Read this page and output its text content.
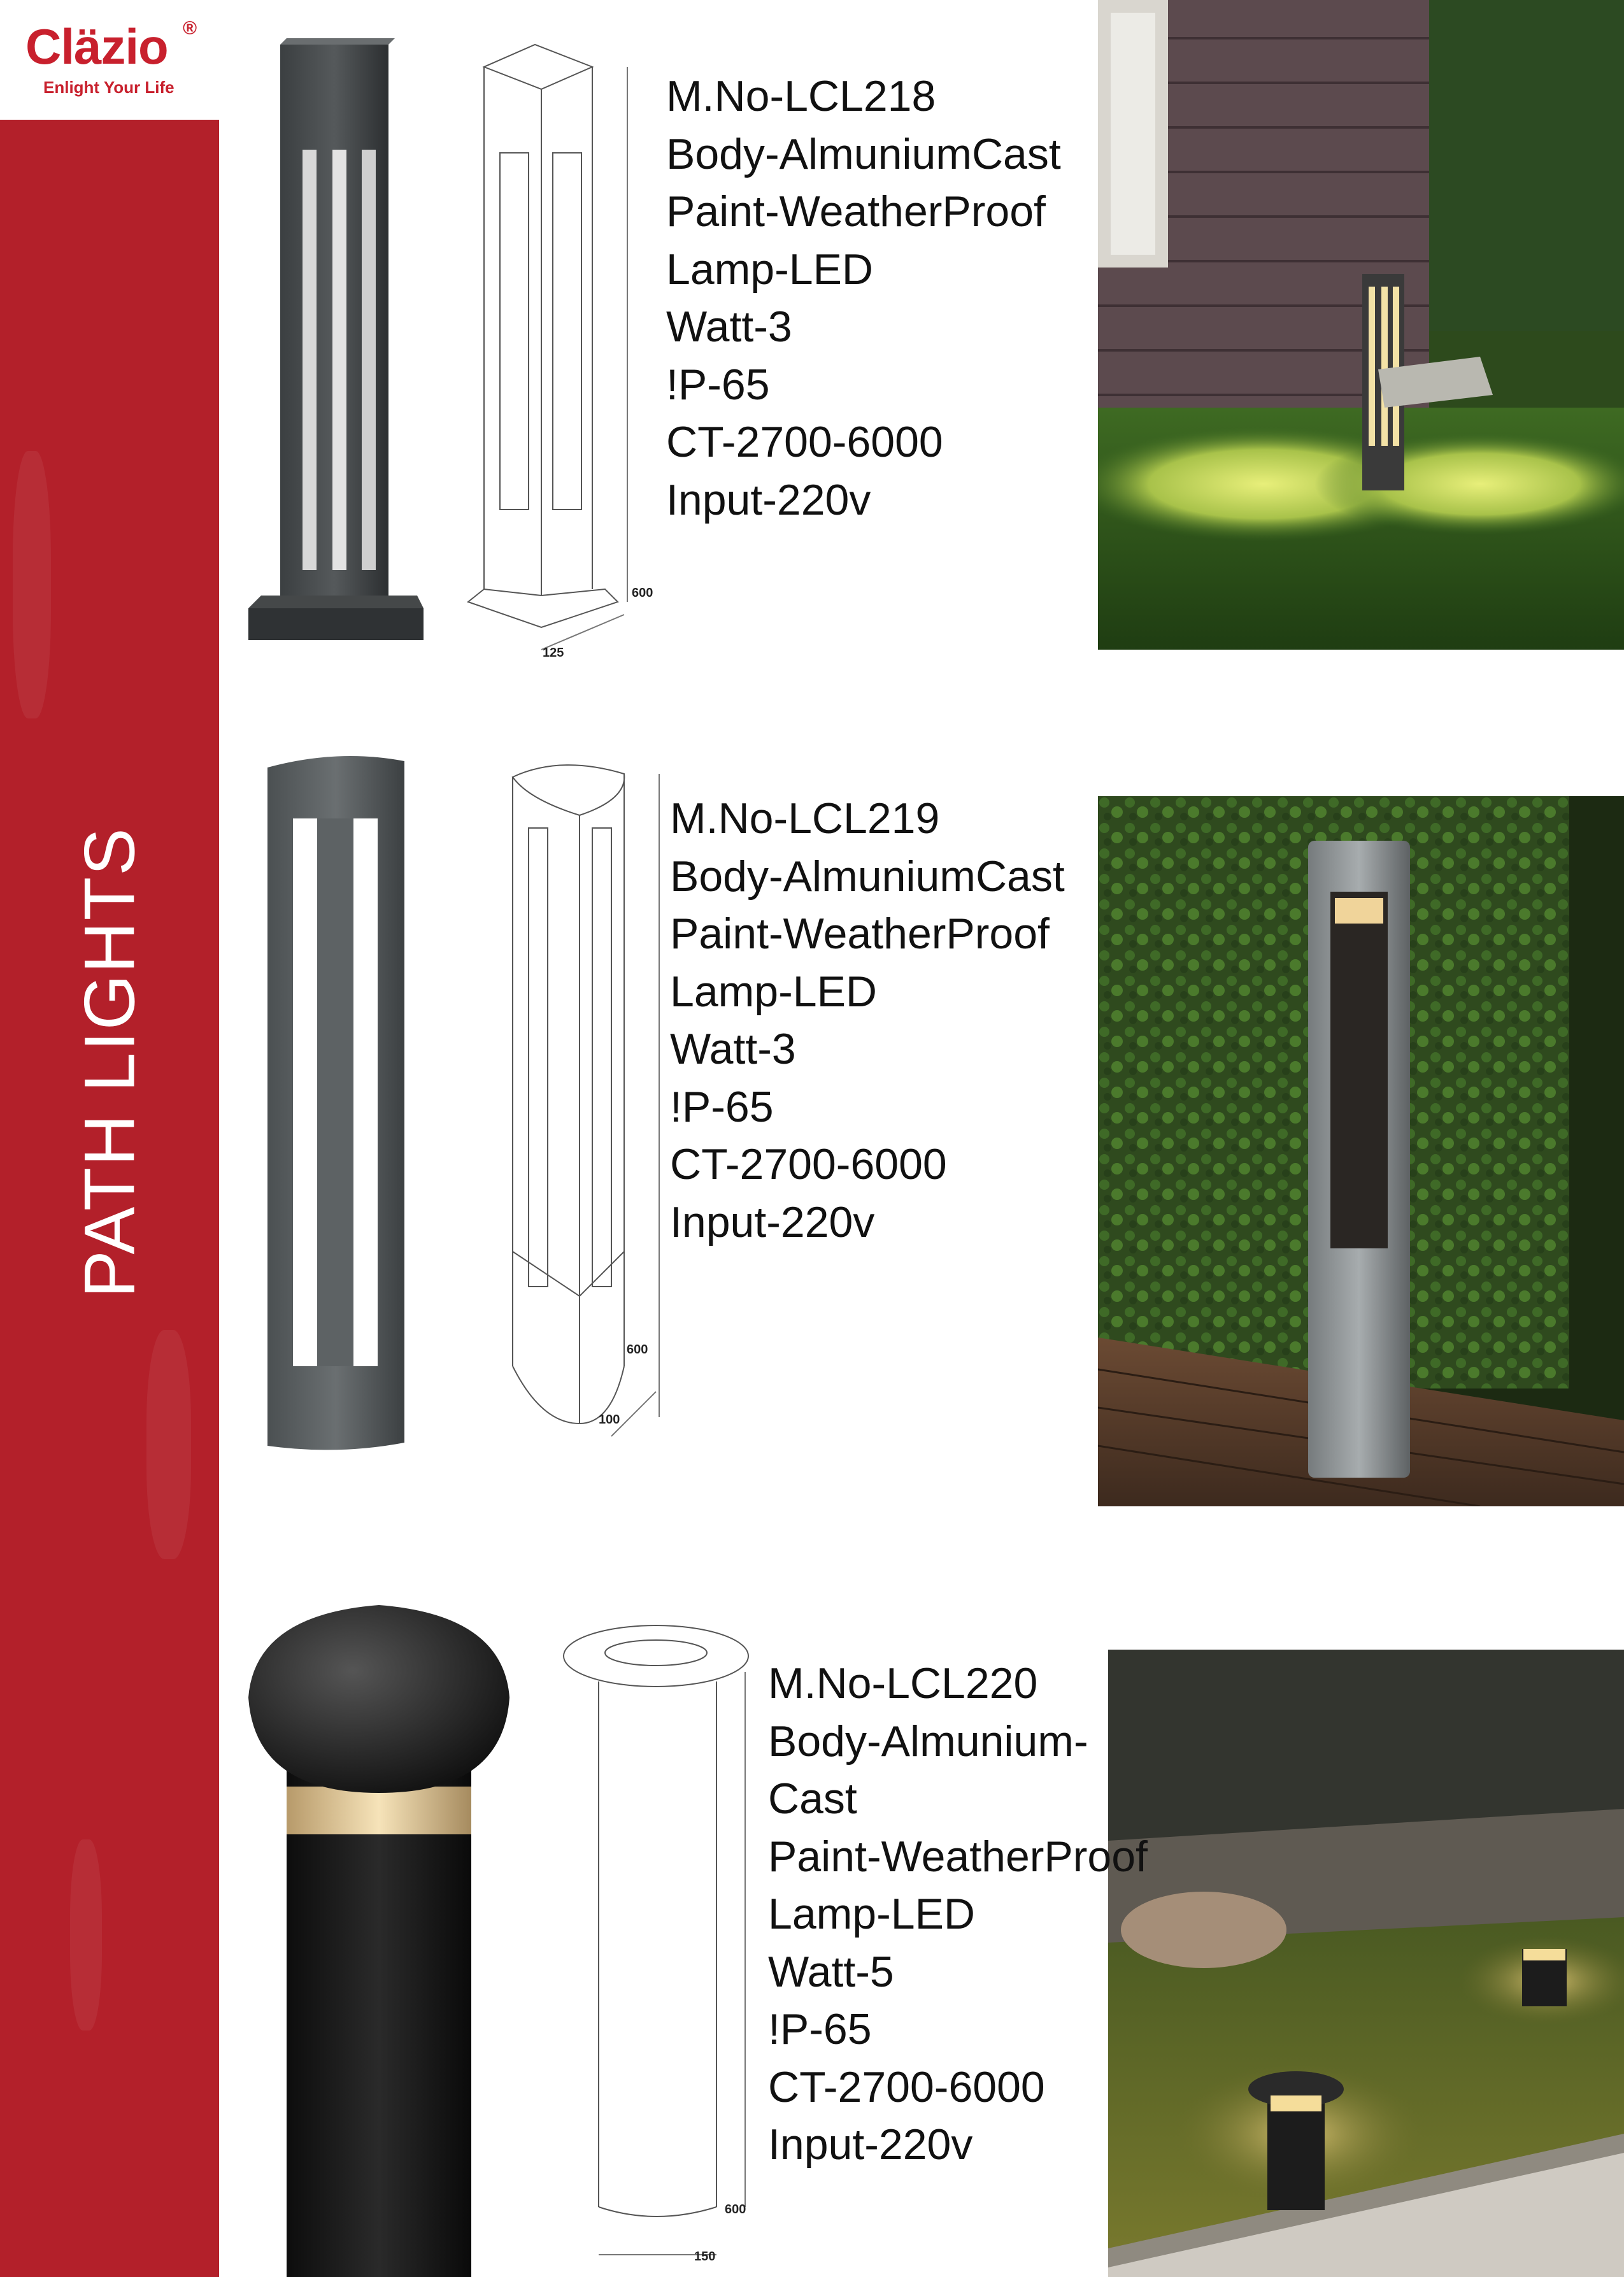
Cläzio ®
Enlight Your Life
PATH LIGHTS
600
125
M.No-LCL218
Body-AlmuniumCast
Paint-WeatherProof
Lamp-LED
Watt-3
!P-65
CT-2700-6000
Input-220v
600
100
M.No-LCL219
Body-AlmuniumCast
Paint-WeatherProof
Lamp-LED
Watt-3
!P-65
CT-2700-6000
Input-220v
600
150
M.No-LCL220
Body-Almunium-
Cast
Paint-WeatherProof
Lamp-LED
Watt-5
!P-65
CT-2700-6000
Input-220v
